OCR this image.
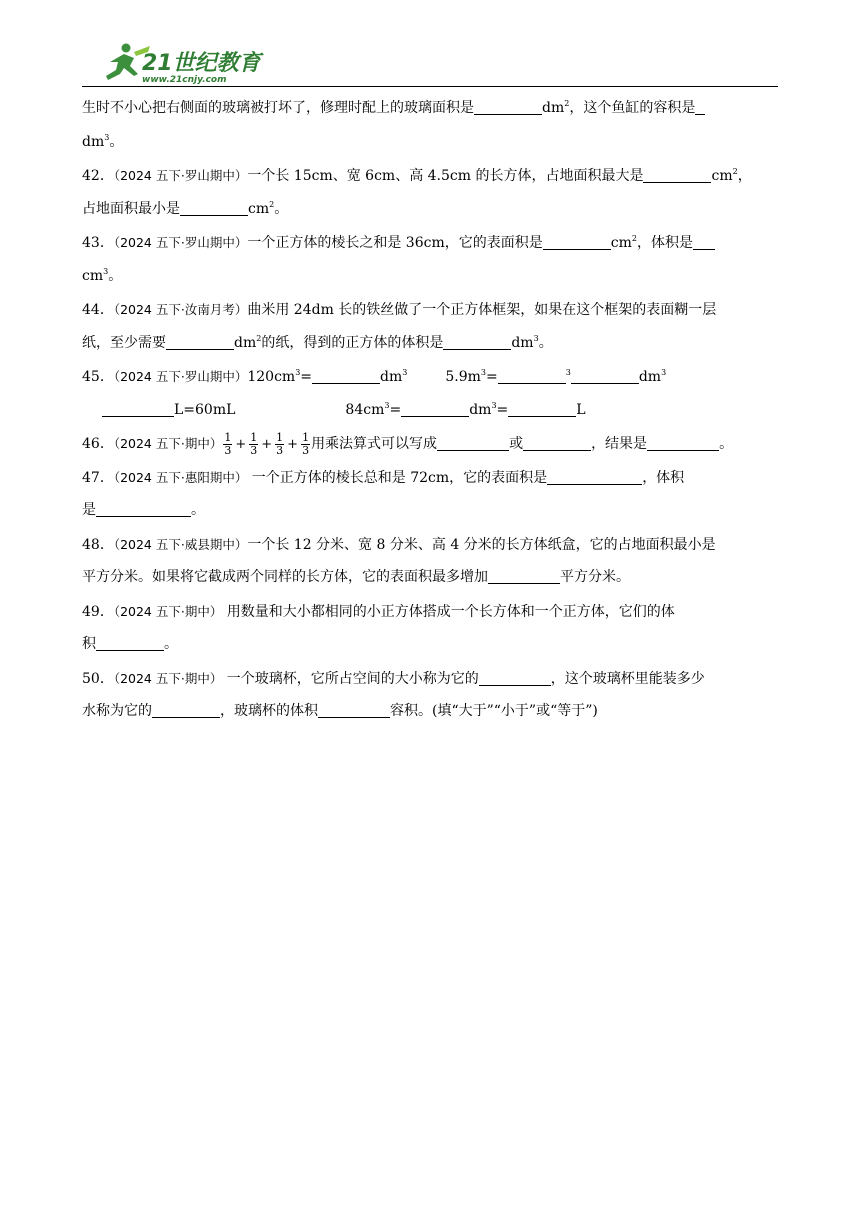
21世纪教育
www.21cnjy.com
生时不小心把右侧面的玻璃被打坏了，修理时配上的玻璃面积是	$dm^2$，这个鱼缸的容积是
$dm^3$。
42．（2024 五下·罗山期中）一个长 15cm、宽 6cm、高 4.5cm 的长方体，占地面积最大是	$cm^2$，
占地面积最小是	$cm^2$。
43．（2024 五下·罗山期中）一个正方体的棱长之和是 36cm，它的表面积是	$cm^2$，体积是
$cm^3$。
44．（2024 五下·汝南月考）曲米用 24dm 长的铁丝做了一个正方体框架，如果在这个框架的表面糊一层
纸，至少需要	$dm^2$的纸，得到的正方体的体积是	$dm^3$。
45．（2024 五下·罗山期中）$120cm^3=$	$dm^3$	$5.9m^3=$	$^3$	$dm^3$
L=60mL	$84cm^3=$	$dm^3=$	L
46．（2024 五下·期中） $\frac{1}{3} + \frac{1}{3} + \frac{1}{3} + \frac{1}{3}$ 用乘法算式可以写成	或	，结果是	。
47．（2024 五下·惠阳期中） 一个正方体的棱长总和是 72cm，它的表面积是	，体积
是	。
48．（2024 五下·威县期中）一个长 12 分米、宽 8 分米、高 4 分米的长方体纸盒，它的占地面积最小是
平方分米。如果将它截成两个同样的长方体，它的表面积最多增加	平方分米。
49．（2024 五下·期中） 用数量和大小都相同的小正方体搭成一个长方体和一个正方体，它们的体
积	。
50．（2024 五下·期中） 一个玻璃杯，它所占空间的大小称为它的	，这个玻璃杯里能装多少
水称为它的	，玻璃杯的体积	容积。(填“大于”“小于”或“等于”)
